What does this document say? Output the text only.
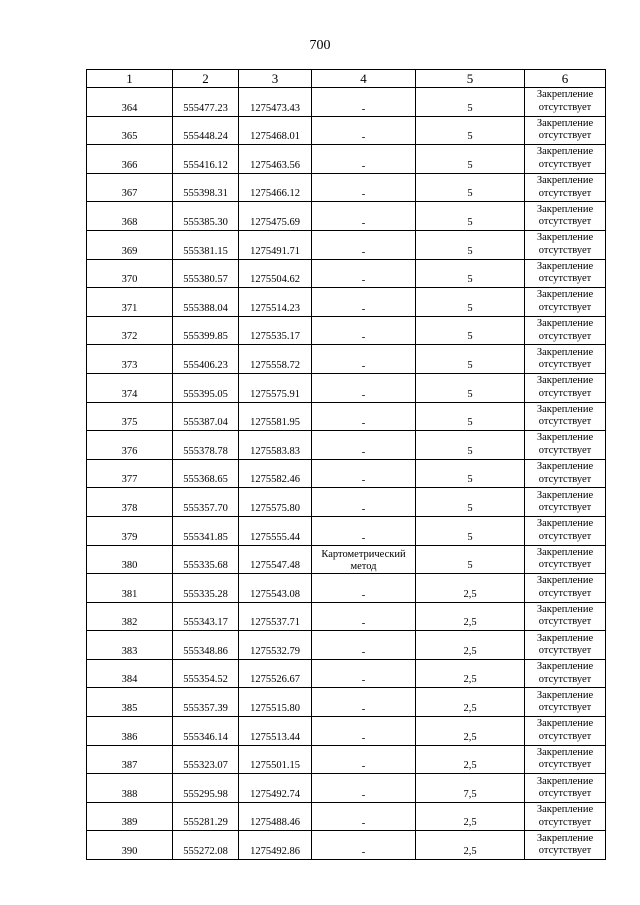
700
1	2	3	4	5	6
364	555477.23	1275473.43	-	5	Закрепление отсутствует
365	555448.24	1275468.01	-	5	Закрепление отсутствует
366	555416.12	1275463.56	-	5	Закрепление отсутствует
367	555398.31	1275466.12	-	5	Закрепление отсутствует
368	555385.30	1275475.69	-	5	Закрепление отсутствует
369	555381.15	1275491.71	-	5	Закрепление отсутствует
370	555380.57	1275504.62	-	5	Закрепление отсутствует
371	555388.04	1275514.23	-	5	Закрепление отсутствует
372	555399.85	1275535.17	-	5	Закрепление отсутствует
373	555406.23	1275558.72	-	5	Закрепление отсутствует
374	555395.05	1275575.91	-	5	Закрепление отсутствует
375	555387.04	1275581.95	-	5	Закрепление отсутствует
376	555378.78	1275583.83	-	5	Закрепление отсутствует
377	555368.65	1275582.46	-	5	Закрепление отсутствует
378	555357.70	1275575.80	-	5	Закрепление отсутствует
379	555341.85	1275555.44	-	5	Закрепление отсутствует
380	555335.68	1275547.48	Картометрический метод	5	Закрепление отсутствует
381	555335.28	1275543.08	-	2,5	Закрепление отсутствует
382	555343.17	1275537.71	-	2,5	Закрепление отсутствует
383	555348.86	1275532.79	-	2,5	Закрепление отсутствует
384	555354.52	1275526.67	-	2,5	Закрепление отсутствует
385	555357.39	1275515.80	-	2,5	Закрепление отсутствует
386	555346.14	1275513.44	-	2,5	Закрепление отсутствует
387	555323.07	1275501.15	-	2,5	Закрепление отсутствует
388	555295.98	1275492.74	-	7,5	Закрепление отсутствует
389	555281.29	1275488.46	-	2,5	Закрепление отсутствует
390	555272.08	1275492.86	-	2,5	Закрепление отсутствует
